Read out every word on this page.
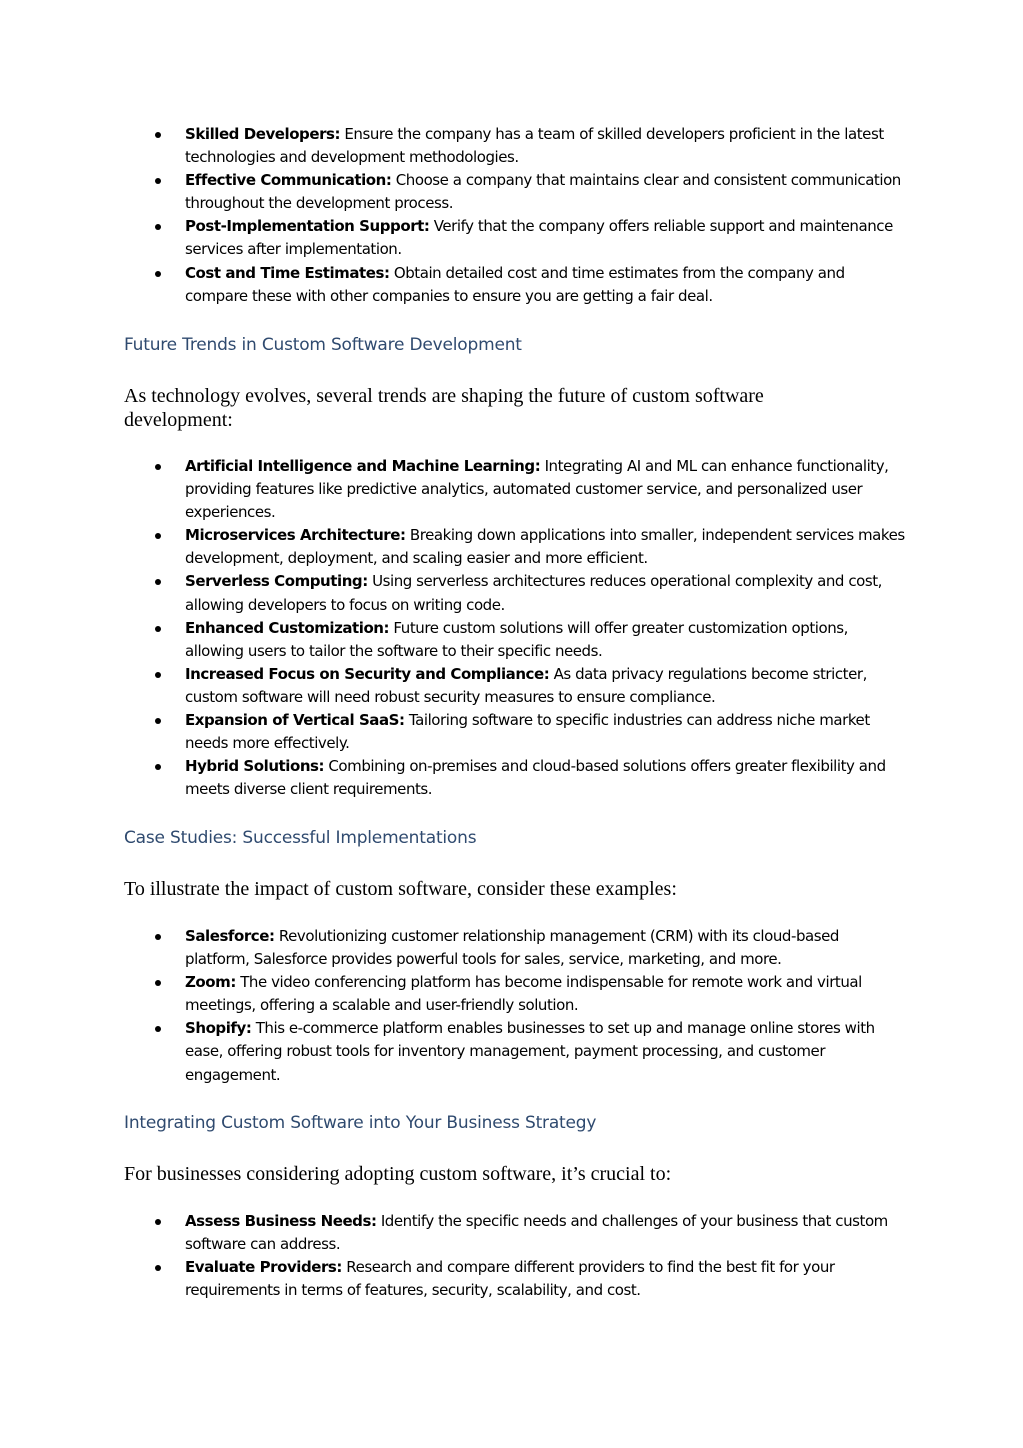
Skilled Developers: Ensure the company has a team of skilled developers proficient in the latest technologies and development methodologies.
Effective Communication: Choose a company that maintains clear and consistent communication throughout the development process.
Post-Implementation Support: Verify that the company offers reliable support and maintenance services after implementation.
Cost and Time Estimates: Obtain detailed cost and time estimates from the company and compare these with other companies to ensure you are getting a fair deal.
Future Trends in Custom Software Development

As technology evolves, several trends are shaping the future of custom software development:

Artificial Intelligence and Machine Learning: Integrating AI and ML can enhance functionality, providing features like predictive analytics, automated customer service, and personalized user experiences.
Microservices Architecture: Breaking down applications into smaller, independent services makes development, deployment, and scaling easier and more efficient.
Serverless Computing: Using serverless architectures reduces operational complexity and cost, allowing developers to focus on writing code.
Enhanced Customization: Future custom solutions will offer greater customization options, allowing users to tailor the software to their specific needs.
Increased Focus on Security and Compliance: As data privacy regulations become stricter, custom software will need robust security measures to ensure compliance.
Expansion of Vertical SaaS: Tailoring software to specific industries can address niche market needs more effectively.
Hybrid Solutions: Combining on-premises and cloud-based solutions offers greater flexibility and meets diverse client requirements.
Case Studies: Successful Implementations

To illustrate the impact of custom software, consider these examples:

Salesforce: Revolutionizing customer relationship management (CRM) with its cloud-based platform, Salesforce provides powerful tools for sales, service, marketing, and more.
Zoom: The video conferencing platform has become indispensable for remote work and virtual meetings, offering a scalable and user-friendly solution.
Shopify: This e-commerce platform enables businesses to set up and manage online stores with ease, offering robust tools for inventory management, payment processing, and customer engagement.
Integrating Custom Software into Your Business Strategy

For businesses considering adopting custom software, it’s crucial to:

Assess Business Needs: Identify the specific needs and challenges of your business that custom software can address.
Evaluate Providers: Research and compare different providers to find the best fit for your requirements in terms of features, security, scalability, and cost.
